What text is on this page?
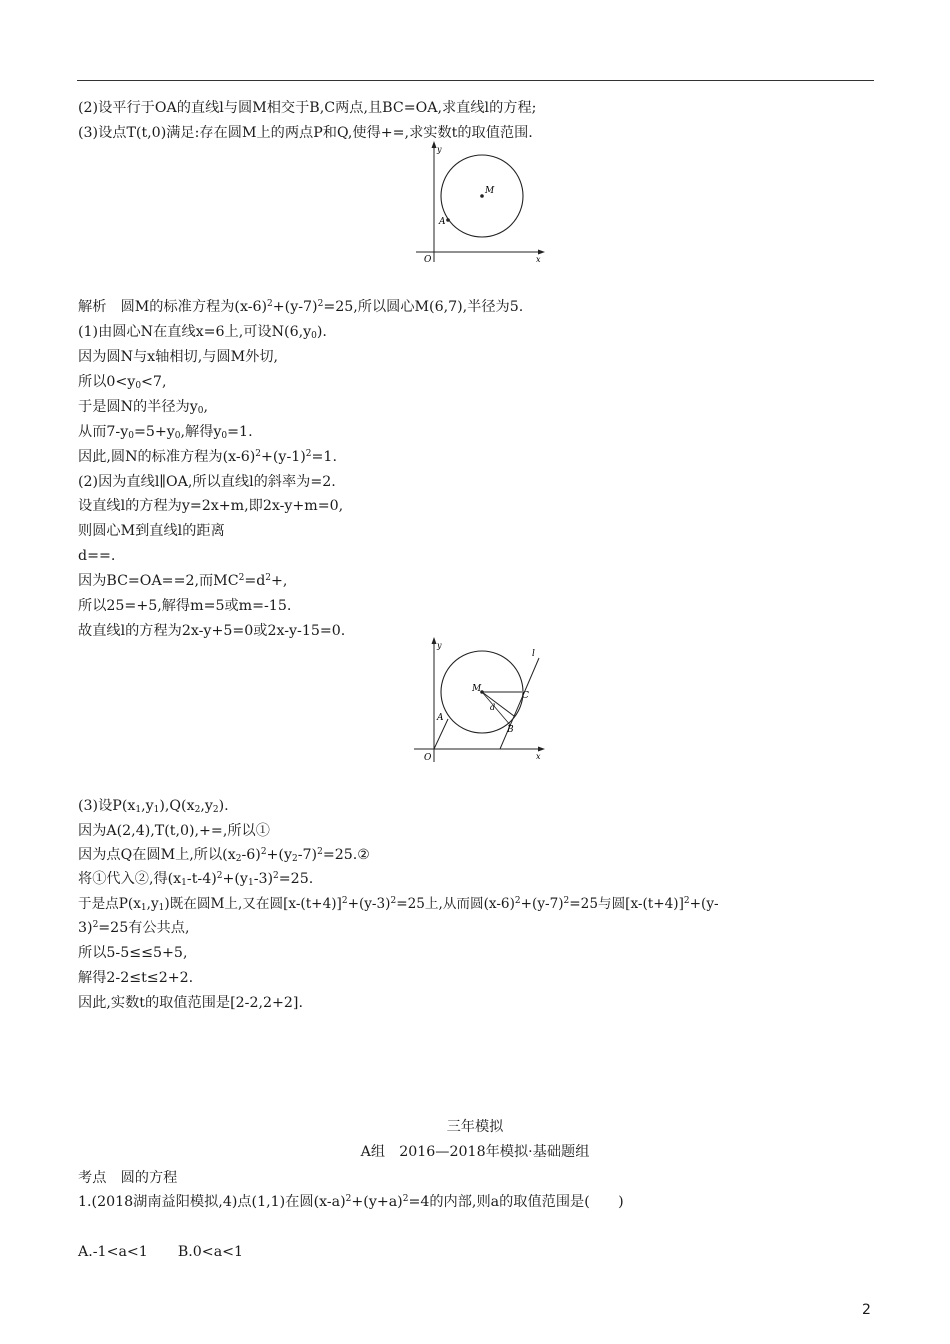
(2)设平行于OA的直线l与圆M相交于B,C两点,且BC=OA,求直线l的方程;
(3)设点T(t,0)满足:存在圆M上的两点P和Q,使得+=,求实数t的取值范围.
y
M
A
O	x
解析　圆M的标准方程为$(x-6)^2+(y-7)^2=25$,所以圆心M(6,7),半径为5.
(1)由圆心N在直线x=6上,可设$N(6,y_0)$.
因为圆N与x轴相切,与圆M外切,
所以$0<y_0<7$,
于是圆N的半径为$y_0$,
从而$7-y_0=5+y_0$,解得$y_0=1$.
因此,圆N的标准方程为$(x-6)^2+(y-1)^2=1$.
(2)因为直线l∥OA,所以直线l的斜率为=2.
设直线l的方程为y=2x+m,即2x-y+m=0,
则圆心M到直线l的距离
d==.
因为BC=OA==2,而$MC^2=d^2+$,
所以25=+5,解得m=5或m=-15.
故直线l的方程为2x-y+5=0或2x-y-15=0.
y
l
M
C
d
A
B
O	x
(3)设$P(x_1,y_1),Q(x_2,y_2)$.
因为A(2,4),T(t,0),+=,所以①
因为点Q在圆M上,所以$(x_2-6)^2+(y_2-7)^2=25.②$
将①代入②,得$(x_1-t-4)^2+(y_1-3)^2=25$.
于是点$P(x_1,y_1)$既在圆M上,又在圆$[x-(t+4)]^2+(y-3)^2=25$上,从而圆$(x-6)^2+(y-7)^2=25$与圆$[x-(t+4)]^2+(y-$
3)$^2$=25有公共点,
所以5-5≤≤5+5,
解得2-2≤t≤2+2.
因此,实数t的取值范围是[2-2,2+2].
三年模拟
A组　2016—2018年模拟·基础题组
考点　圆的方程
1.(2018湖南益阳模拟,4)点(1,1)在圆$(x-a)^2+(y+a)^2=4$的内部,则a的取值范围是(　　)
A.-1<a<1 B.0<a<1
2
